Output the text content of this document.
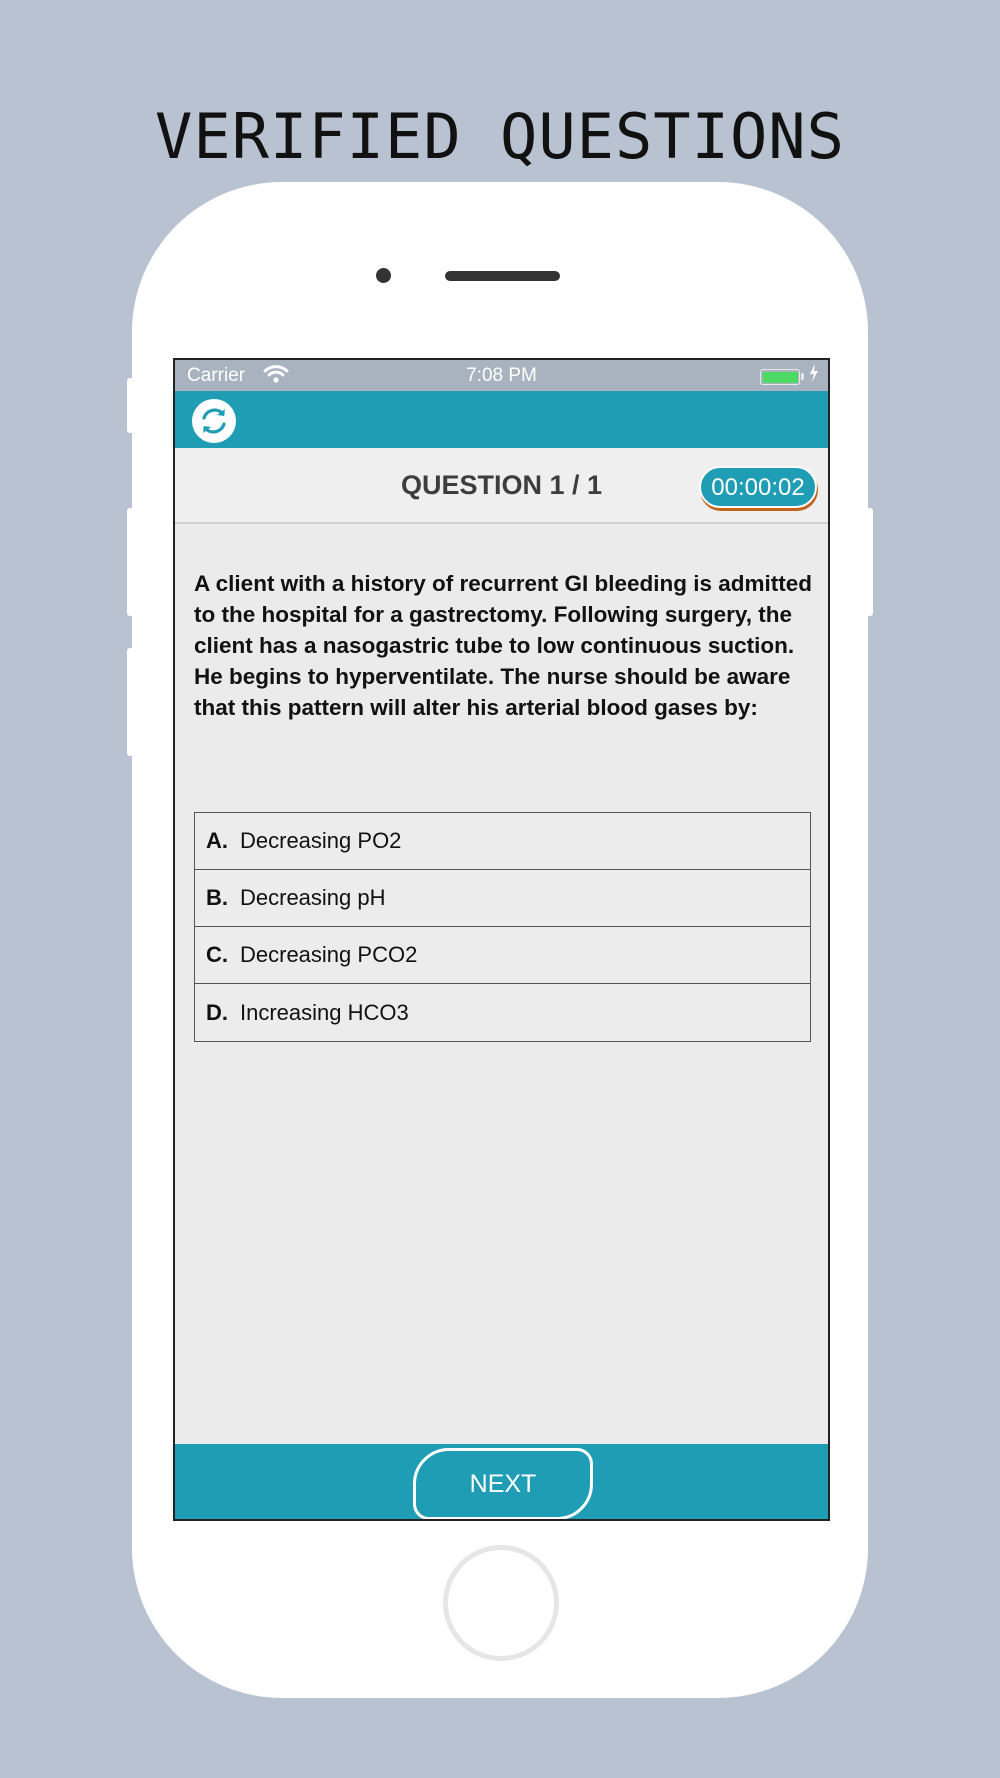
VERIFIED QUESTIONS
Carrier	7:08 PM
QUESTION 1 / 1	00:00:02
A client with a history of recurrent GI bleeding is admitted to the hospital for a gastrectomy. Following surgery, the client has a nasogastric tube to low continuous suction. He begins to hyperventilate. The nurse should be aware that this pattern will alter his arterial blood gases by:
A. Decreasing PO2
B. Decreasing pH
C. Decreasing PCO2
D. Increasing HCO3
NEXT
